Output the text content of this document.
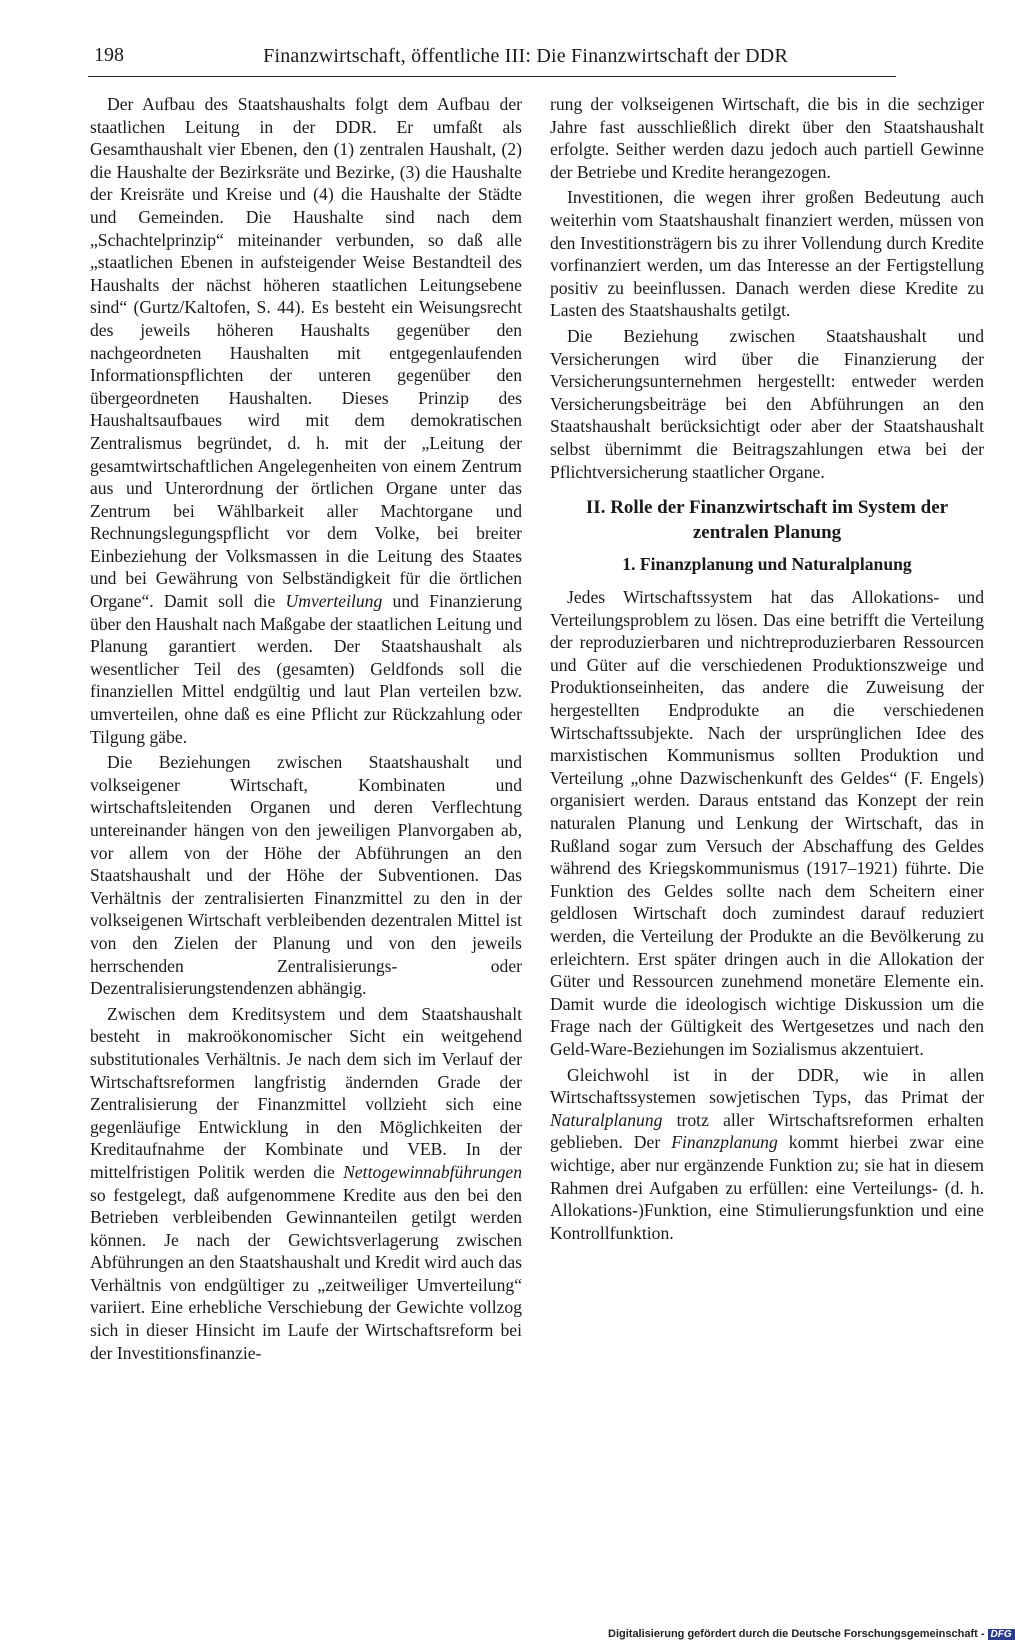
198	Finanzwirtschaft, öffentliche III: Die Finanzwirtschaft der DDR

Der Aufbau des Staatshaushalts folgt dem Aufbau der staatlichen Leitung in der DDR. Er umfaßt als Gesamthaushalt vier Ebenen, den (1) zentralen Haushalt, (2) die Haushalte der Bezirksräte und Bezirke, (3) die Haushalte der Kreisräte und Kreise und (4) die Haushalte der Städte und Gemeinden. Die Haushalte sind nach dem „Schachtelprinzip“ miteinander verbunden, so daß alle „staatlichen Ebenen in aufsteigender Weise Bestandteil des Haushalts der nächst höheren staatlichen Leitungsebene sind“ (Gurtz/Kaltofen, S. 44). Es besteht ein Weisungsrecht des jeweils höheren Haushalts gegenüber den nachgeordneten Haushalten mit entgegenlaufenden Informationspflichten der unteren gegenüber den übergeordneten Haushalten. Dieses Prinzip des Haushaltsaufbaues wird mit dem demokratischen Zentralismus begründet, d. h. mit der „Leitung der gesamtwirtschaftlichen Angelegenheiten von einem Zentrum aus und Unterordnung der örtlichen Organe unter das Zentrum bei Wählbarkeit aller Machtorgane und Rechnungslegungspflicht vor dem Volke, bei breiter Einbeziehung der Volksmassen in die Leitung des Staates und bei Gewährung von Selbständigkeit für die örtlichen Organe“. Damit soll die Umverteilung und Finanzierung über den Haushalt nach Maßgabe der staatlichen Leitung und Planung garantiert werden. Der Staatshaushalt als wesentlicher Teil des (gesamten) Geldfonds soll die finanziellen Mittel endgültig und laut Plan verteilen bzw. umverteilen, ohne daß es eine Pflicht zur Rückzahlung oder Tilgung gäbe.

Die Beziehungen zwischen Staatshaushalt und volkseigener Wirtschaft, Kombinaten und wirtschaftsleitenden Organen und deren Verflechtung untereinander hängen von den jeweiligen Planvorgaben ab, vor allem von der Höhe der Abführungen an den Staatshaushalt und der Höhe der Subventionen. Das Verhältnis der zentralisierten Finanzmittel zu den in der volkseigenen Wirtschaft verbleibenden dezentralen Mittel ist von den Zielen der Planung und von den jeweils herrschenden Zentralisierungs- oder Dezentralisierungstendenzen abhängig.

Zwischen dem Kreditsystem und dem Staatshaushalt besteht in makroökonomischer Sicht ein weitgehend substitutionales Verhältnis. Je nach dem sich im Verlauf der Wirtschaftsreformen langfristig ändernden Grade der Zentralisierung der Finanzmittel vollzieht sich eine gegenläufige Entwicklung in den Möglichkeiten der Kreditaufnahme der Kombinate und VEB. In der mittelfristigen Politik werden die Nettogewinnabführungen so festgelegt, daß aufgenommene Kredite aus den bei den Betrieben verbleibenden Gewinnanteilen getilgt werden können. Je nach der Gewichtsverlagerung zwischen Abführungen an den Staatshaushalt und Kredit wird auch das Verhältnis von endgültiger zu „zeitweiliger Umverteilung“ variiert. Eine erhebliche Verschiebung der Gewichte vollzog sich in dieser Hinsicht im Laufe der Wirtschaftsreform bei der Investitionsfinanzie-

rung der volkseigenen Wirtschaft, die bis in die sechziger Jahre fast ausschließlich direkt über den Staatshaushalt erfolgte. Seither werden dazu jedoch auch partiell Gewinne der Betriebe und Kredite herangezogen.

Investitionen, die wegen ihrer großen Bedeutung auch weiterhin vom Staatshaushalt finanziert werden, müssen von den Investitionsträgern bis zu ihrer Vollendung durch Kredite vorfinanziert werden, um das Interesse an der Fertigstellung positiv zu beeinflussen. Danach werden diese Kredite zu Lasten des Staatshaushalts getilgt.

Die Beziehung zwischen Staatshaushalt und Versicherungen wird über die Finanzierung der Versicherungsunternehmen hergestellt: entweder werden Versicherungsbeiträge bei den Abführungen an den Staatshaushalt berücksichtigt oder aber der Staatshaushalt selbst übernimmt die Beitragszahlungen etwa bei der Pflichtversicherung staatlicher Organe.

II. Rolle der Finanzwirtschaft im System der zentralen Planung
1. Finanzplanung und Naturalplanung

Jedes Wirtschaftssystem hat das Allokations- und Verteilungsproblem zu lösen. Das eine betrifft die Verteilung der reproduzierbaren und nichtreproduzierbaren Ressourcen und Güter auf die verschiedenen Produktionszweige und Produktionseinheiten, das andere die Zuweisung der hergestellten Endprodukte an die verschiedenen Wirtschaftssubjekte. Nach der ursprünglichen Idee des marxistischen Kommunismus sollten Produktion und Verteilung „ohne Dazwischenkunft des Geldes“ (F. Engels) organisiert werden. Daraus entstand das Konzept der rein naturalen Planung und Lenkung der Wirtschaft, das in Rußland sogar zum Versuch der Abschaffung des Geldes während des Kriegskommunismus (1917–1921) führte. Die Funktion des Geldes sollte nach dem Scheitern einer geldlosen Wirtschaft doch zumindest darauf reduziert werden, die Verteilung der Produkte an die Bevölkerung zu erleichtern. Erst später dringen auch in die Allokation der Güter und Ressourcen zunehmend monetäre Elemente ein. Damit wurde die ideologisch wichtige Diskussion um die Frage nach der Gültigkeit des Wertgesetzes und nach den Geld-Ware-Beziehungen im Sozialismus akzentuiert.

Gleichwohl ist in der DDR, wie in allen Wirtschaftssystemen sowjetischen Typs, das Primat der Naturalplanung trotz aller Wirtschaftsreformen erhalten geblieben. Der Finanzplanung kommt hierbei zwar eine wichtige, aber nur ergänzende Funktion zu; sie hat in diesem Rahmen drei Aufgaben zu erfüllen: eine Verteilungs- (d. h. Allokations-)Funktion, eine Stimulierungsfunktion und eine Kontrollfunktion.

Digitalisierung gefördert durch die Deutsche Forschungsgemeinschaft - DFG
